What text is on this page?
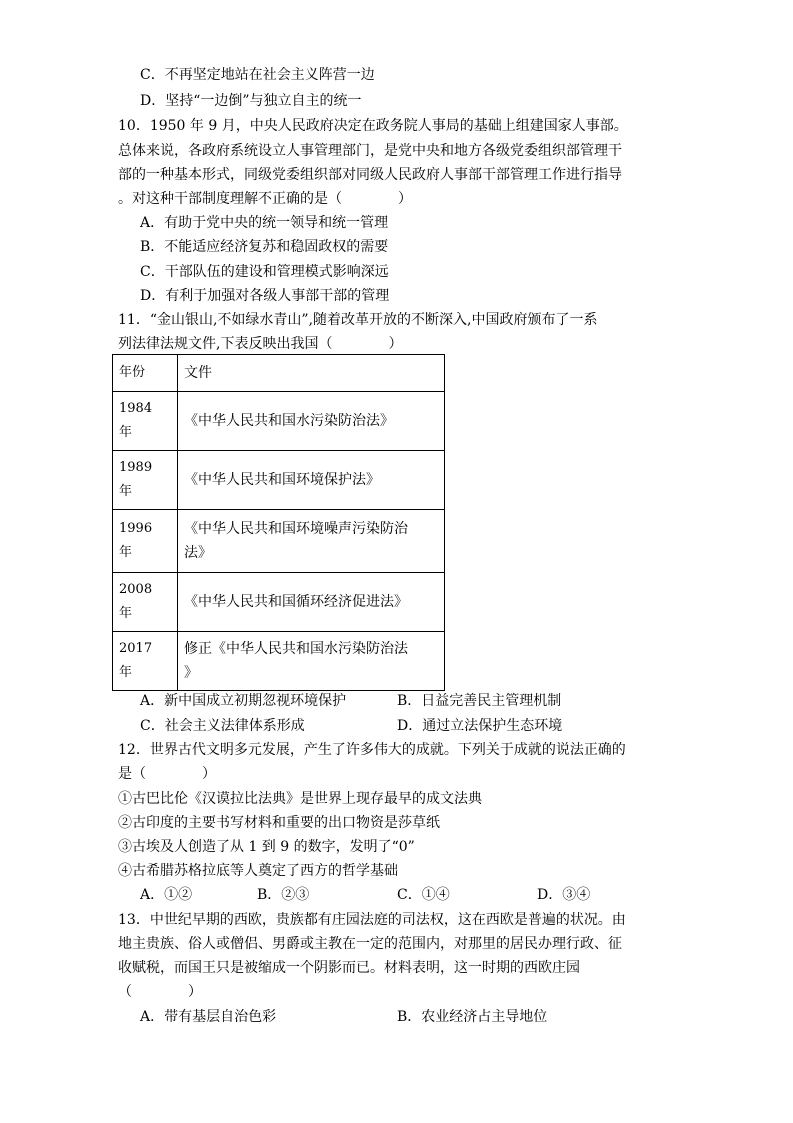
C．不再坚定地站在社会主义阵营一边
D．坚持“一边倒”与独立自主的统一
10．1950 年 9 月，中央人民政府决定在政务院人事局的基础上组建国家人事部。
总体来说，各政府系统设立人事管理部门，是党中央和地方各级党委组织部管理干
部的一种基本形式，同级党委组织部对同级人民政府人事部干部管理工作进行指导
。对这种干部制度理解不正确的是（　　　　）
A．有助于党中央的统一领导和统一管理
B．不能适应经济复苏和稳固政权的需要
C．干部队伍的建设和管理模式影响深远
D．有利于加强对各级人事部干部的管理
11．“金山银山,不如绿水青山”,随着改革开放的不断深入,中国政府颁布了一系
列法律法规文件,下表反映出我国（　　　　）
年份	文件
1984
年	《中华人民共和国水污染防治法》
1989
年	《中华人民共和国环境保护法》
1996
年	《中华人民共和国环境噪声污染防治
法》
2008
年	《中华人民共和国循环经济促进法》
2017
年	修正《中华人民共和国水污染防治法
》
A．新中国成立初期忽视环境保护	B．日益完善民主管理机制
C．社会主义法律体系形成	D．通过立法保护生态环境
12．世界古代文明多元发展，产生了许多伟大的成就。下列关于成就的说法正确的
是（　　　　）
①古巴比伦《汉谟拉比法典》是世界上现存最早的成文法典
②古印度的主要书写材料和重要的出口物资是莎草纸
③古埃及人创造了从 1 到 9 的数字，发明了“0”
④古希腊苏格拉底等人奠定了西方的哲学基础
A．①②	B．②③	C．①④	D．③④
13．中世纪早期的西欧，贵族都有庄园法庭的司法权，这在西欧是普遍的状况。由
地主贵族、俗人或僧侣、男爵或主教在一定的范围内，对那里的居民办理行政、征
收赋税，而国王只是被缩成一个阴影而已。材料表明，这一时期的西欧庄园
（　　　　）
A．带有基层自治色彩	B．农业经济占主导地位
